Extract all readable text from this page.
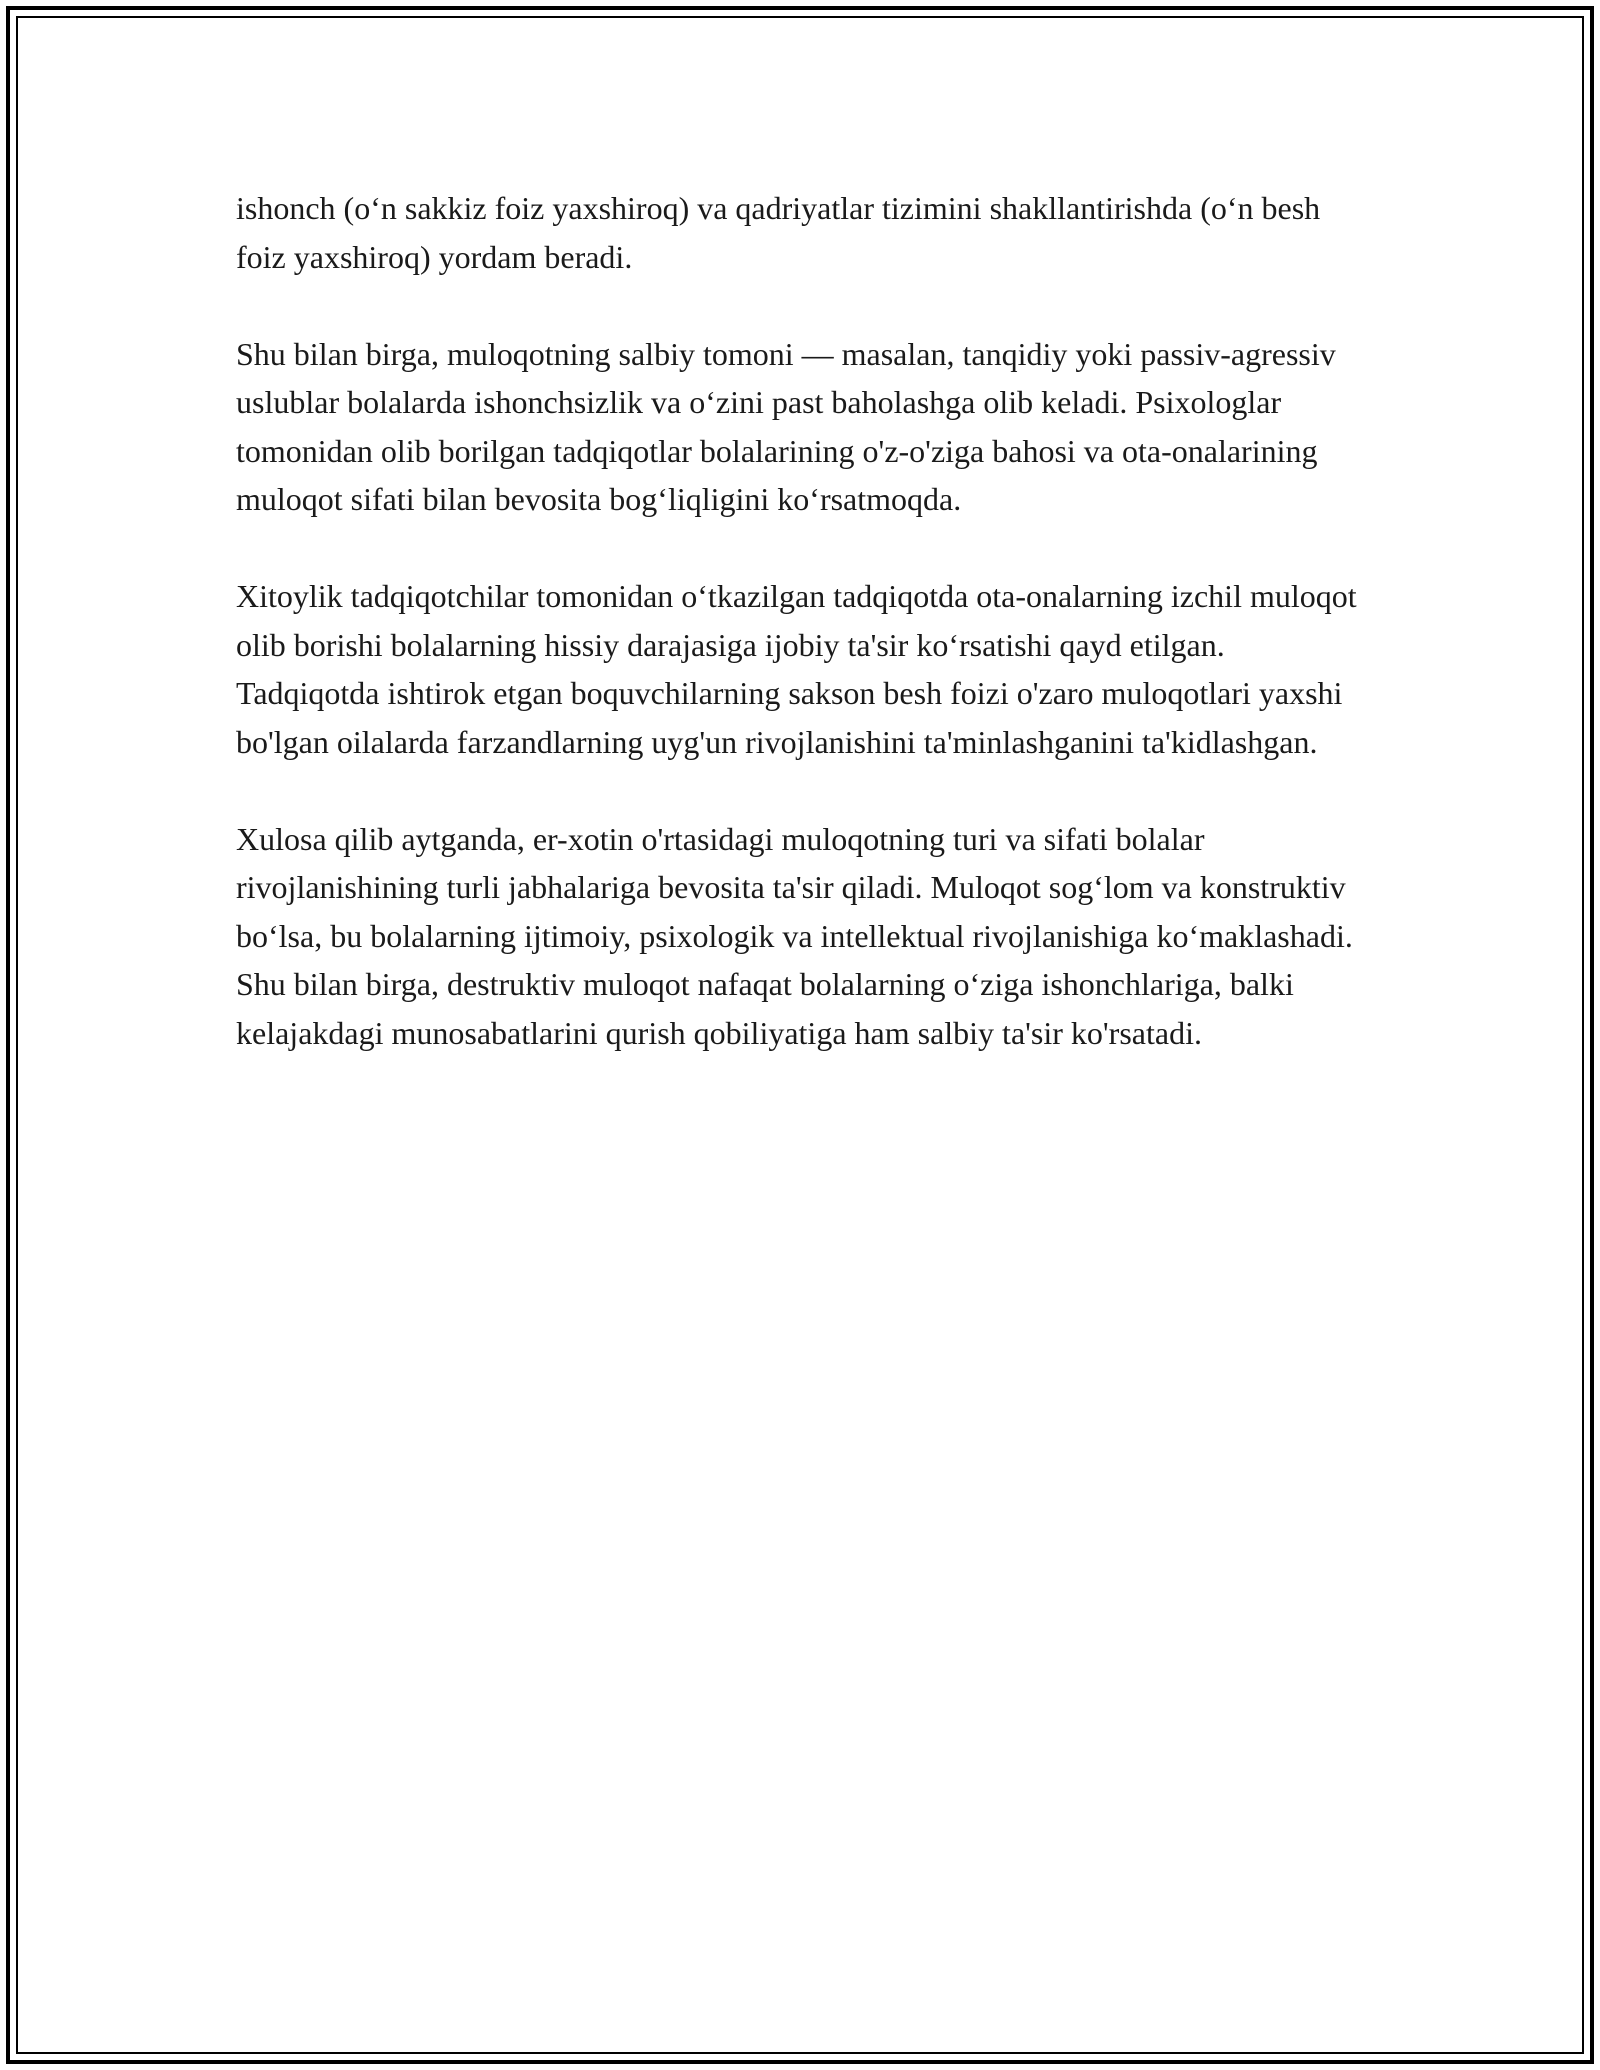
ishonch (o‘n sakkiz foiz yaxshiroq) va qadriyatlar tizimini shakllantirishda (o‘n besh foiz yaxshiroq) yordam beradi.

Shu bilan birga, muloqotning salbiy tomoni — masalan, tanqidiy yoki passiv-agressiv uslublar bolalarda ishonchsizlik va o‘zini past baholashga olib keladi. Psixologlar tomonidan olib borilgan tadqiqotlar bolalarining o'z-o'ziga bahosi va ota-onalarining muloqot sifati bilan bevosita bog‘liqligini ko‘rsatmoqda.

Xitoylik tadqiqotchilar tomonidan o‘tkazilgan tadqiqotda ota-onalarning izchil muloqot olib borishi bolalarning hissiy darajasiga ijobiy ta'sir ko‘rsatishi qayd etilgan. Tadqiqotda ishtirok etgan boquvchilarning sakson besh foizi o'zaro muloqotlari yaxshi bo'lgan oilalarda farzandlarning uyg'un rivojlanishini ta'minlashganini ta'kidlashgan.

Xulosa qilib aytganda, er-xotin o'rtasidagi muloqotning turi va sifati bolalar rivojlanishining turli jabhalariga bevosita ta'sir qiladi. Muloqot sog‘lom va konstruktiv bo‘lsa, bu bolalarning ijtimoiy, psixologik va intellektual rivojlanishiga ko‘maklashadi. Shu bilan birga, destruktiv muloqot nafaqat bolalarning o‘ziga ishonchlariga, balki kelajakdagi munosabatlarini qurish qobiliyatiga ham salbiy ta'sir ko'rsatadi.
